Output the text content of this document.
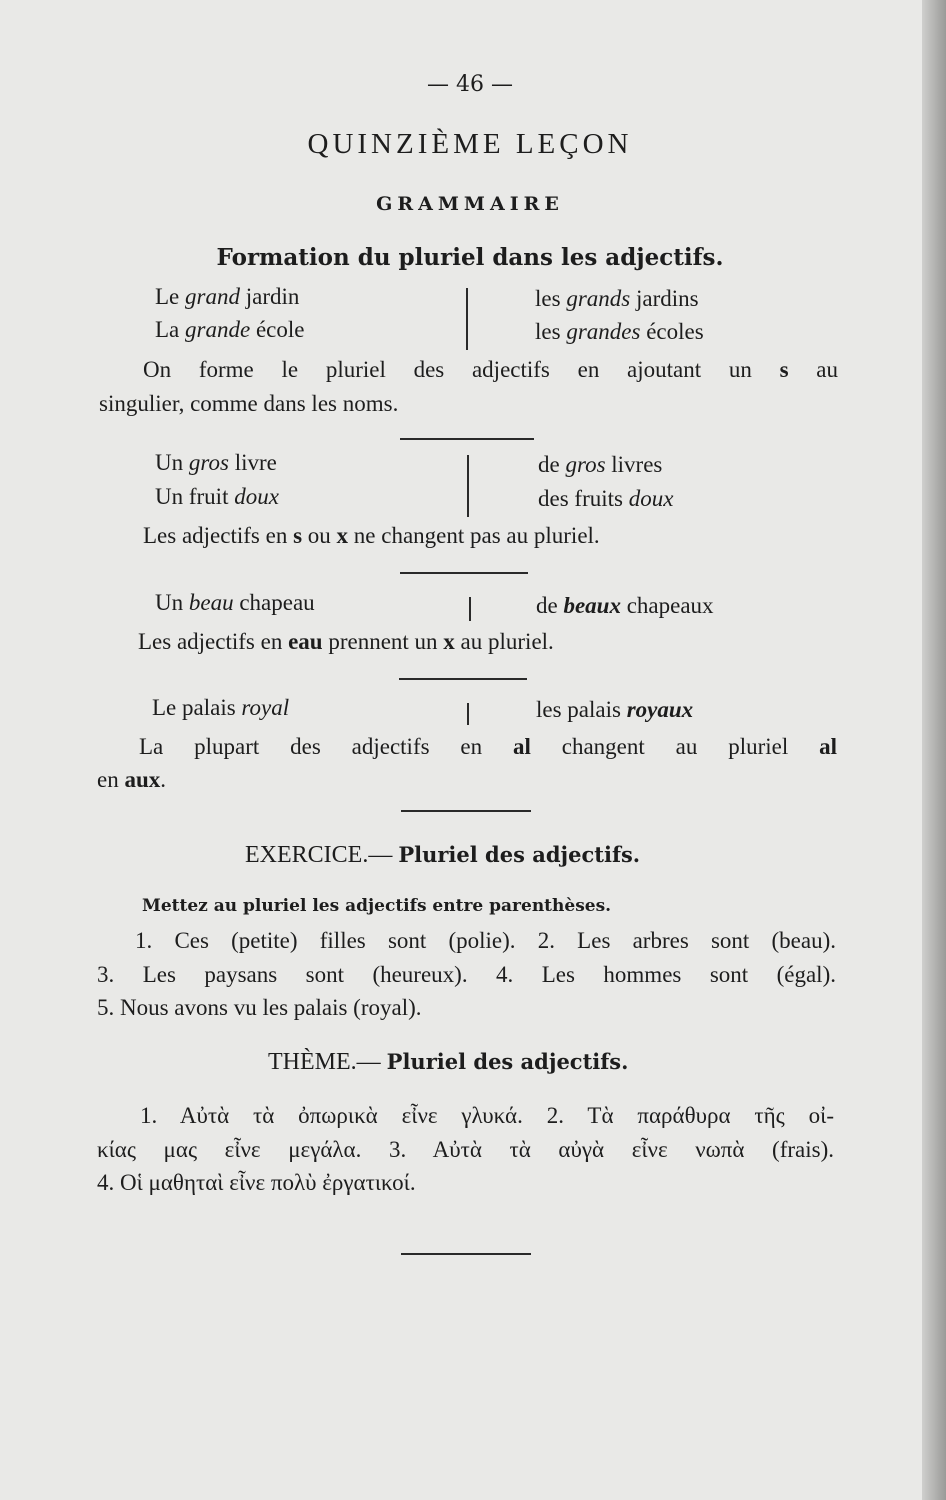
— 46 —
QUINZIÈME LEÇON
GRAMMAIRE
Formation du pluriel dans les adjectifs.
Le grand jardin	les grands jardins
La grande école	les grandes écoles
On forme le pluriel des adjectifs en ajoutant un s au
singulier, comme dans les noms.
Un gros livre	de gros livres
Un fruit doux	des fruits doux
Les adjectifs en s ou x ne changent pas au pluriel.
Un beau chapeau	de beaux chapeaux
Les adjectifs en eau prennent un x au pluriel.
Le palais royal	les palais royaux
La plupart des adjectifs en al changent au pluriel al
en aux.
EXERCICE.— Pluriel des adjectifs.
Mettez au pluriel les adjectifs entre parenthèses.
1. Ces (petite) filles sont (polie). 2. Les arbres sont (beau).
3. Les paysans sont (heureux). 4. Les hommes sont (égal).
5. Nous avons vu les palais (royal).
THÈME.— Pluriel des adjectifs.
1. Αὐτὰ τὰ ὀπωρικὰ εἶνε γλυκά. 2. Τὰ παράθυρα τῆς οἰ-
κίας μας εἶνε μεγάλα. 3. Αὐτὰ τὰ αὐγὰ εἶνε νωπὰ (frais).
4. Οἱ μαθηταὶ εἶνε πολὺ ἐργατικοί.
